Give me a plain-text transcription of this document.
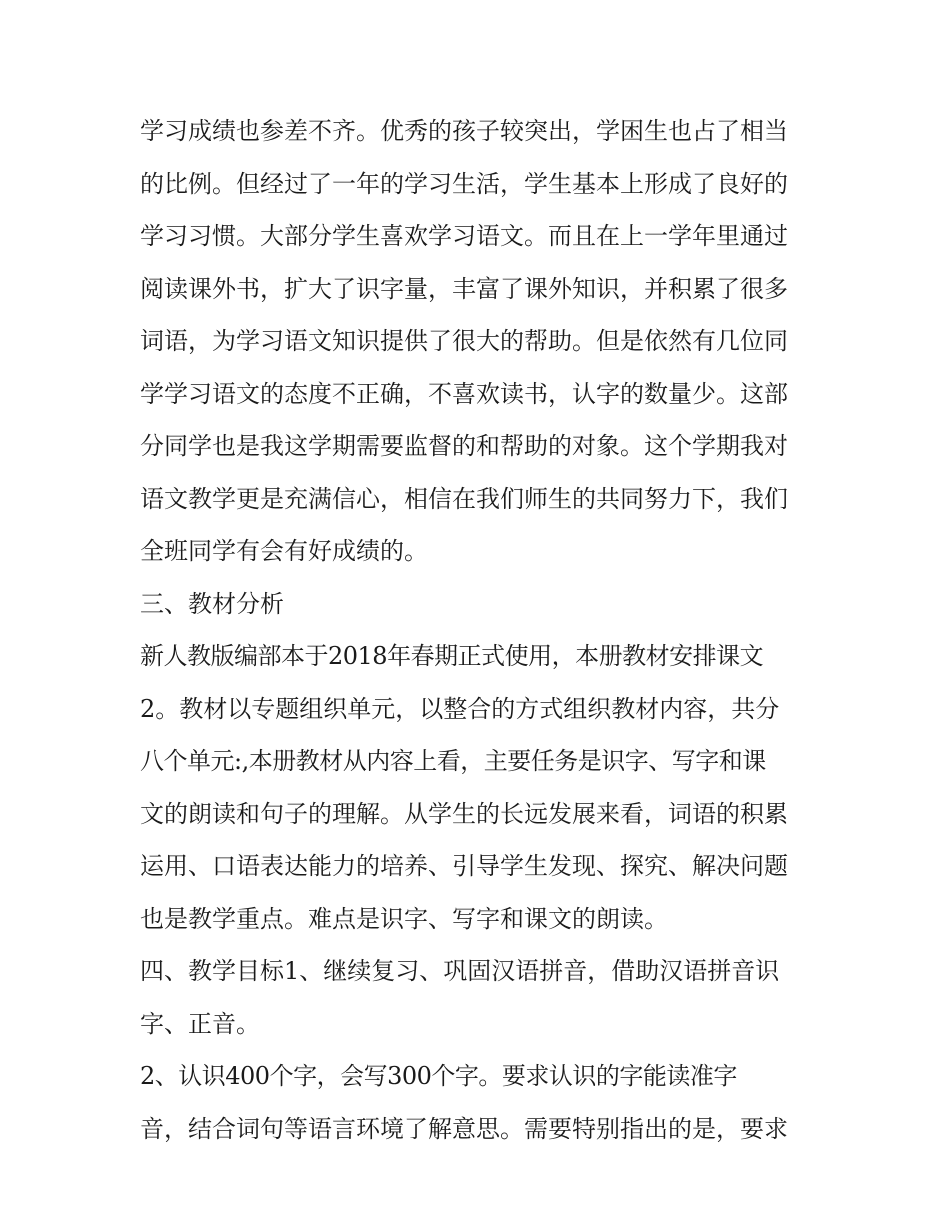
学习成绩也参差不齐。优秀的孩子较突出，学困生也占了相当
的比例。但经过了一年的学习生活，学生基本上形成了良好的
学习习惯。大部分学生喜欢学习语文。而且在上一学年里通过
阅读课外书，扩大了识字量，丰富了课外知识，并积累了很多
词语，为学习语文知识提供了很大的帮助。但是依然有几位同
学学习语文的态度不正确，不喜欢读书，认字的数量少。这部
分同学也是我这学期需要监督的和帮助的对象。这个学期我对
语文教学更是充满信心，相信在我们师生的共同努力下，我们
全班同学有会有好成绩的。
三、教材分析
新人教版编部本于2018年春期正式使用，本册教材安排课文
2。教材以专题组织单元，以整合的方式组织教材内容，共分
八个单元:,本册教材从内容上看，主要任务是识字、写字和课
文的朗读和句子的理解。从学生的长远发展来看，词语的积累
运用、口语表达能力的培养、引导学生发现、探究、解决问题
也是教学重点。难点是识字、写字和课文的朗读。
四、教学目标1、继续复习、巩固汉语拼音，借助汉语拼音识
字、正音。
2、认识400个字，会写300个字。要求认识的字能读准字
音，结合词句等语言环境了解意思。需要特别指出的是，要求
